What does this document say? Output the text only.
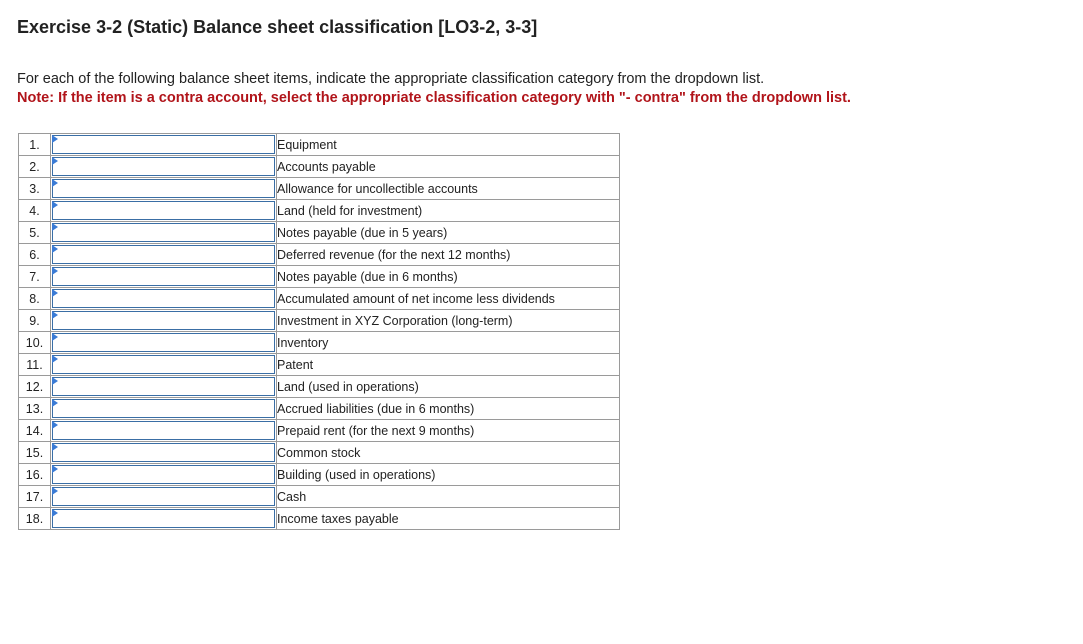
Exercise 3-2 (Static) Balance sheet classification [LO3-2, 3-3]
For each of the following balance sheet items, indicate the appropriate classification category from the dropdown list.
Note: If the item is a contra account, select the appropriate classification category with "- contra" from the dropdown list.
1.		Equipment
2.		Accounts payable
3.		Allowance for uncollectible accounts
4.		Land (held for investment)
5.		Notes payable (due in 5 years)
6.		Deferred revenue (for the next 12 months)
7.		Notes payable (due in 6 months)
8.		Accumulated amount of net income less dividends
9.		Investment in XYZ Corporation (long-term)
10.		Inventory
11.		Patent
12.		Land (used in operations)
13.		Accrued liabilities (due in 6 months)
14.		Prepaid rent (for the next 9 months)
15.		Common stock
16.		Building (used in operations)
17.		Cash
18.		Income taxes payable
